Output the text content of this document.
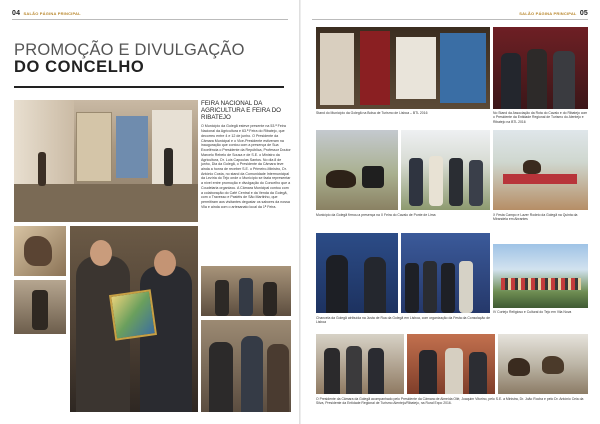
04 SALÃO PÁGINA PRINCIPAL
PROMOÇÃO E DIVULGAÇÃO
DO CONCELHO
FEIRA NACIONAL DA AGRICULTURA E FEIRA DO RIBATEJO

O Município da Golegã esteve presente na 53.ª Feira Nacional da Agricultura e 63.ª Feira do Ribatejo, que decorreu entre 4 e 12 de junho. O Presidente da Câmara Municipal e o Vice-Presidente estiveram na inauguração que contou com a presença de Sua Excelência o Presidente da República, Professor Doutor Marcelo Rebelo de Sousa e de S.E. o Ministro da Agricultura, Dr. Luís Capoulas Santos. No dia 8 de junho, Dia da Golegã, o Presidente da Câmara teve ainda a honra de receber S.E. o Primeiro-Ministro, Dr. António Costa, no stand da Comunidade Intermunicipal da Lezíria do Tejo onde o Município se fazia representar a nível entre promoção e divulgação do Concelho que a Coudelaria organizou. A Câmara Municipal contou com a colaboração do Café Central e da Venda da Golegã, com o Travesso e Pastéis de São Martinho, que permitiram aos visitantes degustar os sabores da nossa Vila e ainda com o artesanato local da 1ª Feira.

SALÃO PÁGINA PRINCIPAL 05
Stand do Município da Golegã na Bolsa de Turismo de Lisboa – BTL 2016	No Stand da Associação da Rota do Cavalo e do Ribatejo com o Presidente da Entidade Regional de Turismo do Alentejo e Ribatejo na BTL 2016
Município da Golegã firmou a presença na X Feira do Cavalo de Ponte de Lima	X Festa Campo e Lazer Rodeio da Golegã na Quinta da Mirandela em Abrantes
Chancela da Golegã atribuída na Justa de Rua da Golegã em Lisboa, com organização da Festa da Consolação de Lisboa
IV Cortejo Religioso e Cultural do Tejo em Vila Nova
O Presidente da Câmara da Golegã acompanhado pelo Presidente da Câmara de Almeida Ollé, Joaquim Vitorino, pelo S.E. a Ministra, Dr. João Rocha e pelo Dr. António Ceia da Silva, Presidente da Entidade Regional de Turismo Alentejo/Ribatejo, na Rural Expo 2016.
